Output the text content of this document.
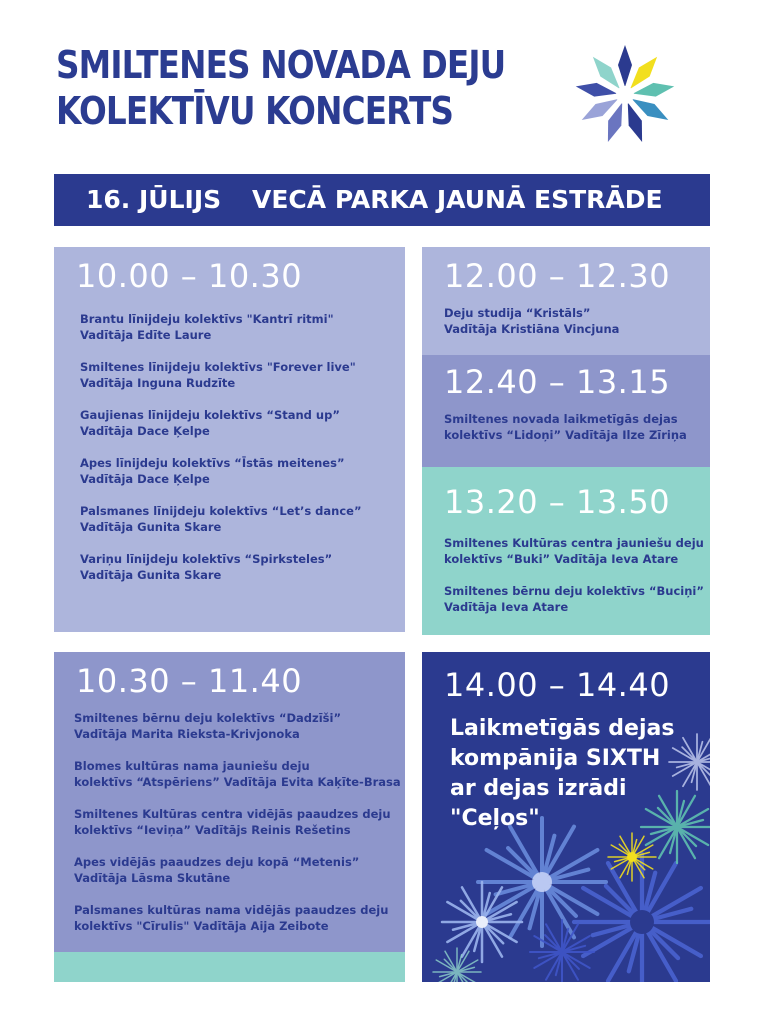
SMILTENES NOVADA DEJU
KOLEKTĪVU KONCERTS
16. JŪLIJS VECĀ PARKA JAUNĀ ESTRĀDE
10.00 – 10.30
Brantu līnijdeju kolektīvs "Kantrī ritmi"
Vadītāja Edīte Laure
Smiltenes līnijdeju kolektīvs "Forever live"
Vadītāja Inguna Rudzīte
Gaujienas līnijdeju kolektīvs “Stand up”
Vadītāja Dace Ķelpe
Apes līnijdeju kolektīvs “Īstās meitenes”
Vadītāja Dace Ķelpe
Palsmanes līnijdeju kolektīvs “Let’s dance”
Vadītāja Gunita Skare
Variņu līnijdeju kolektīvs “Spirksteles”
Vadītāja Gunita Skare
10.30 – 11.40
Smiltenes bērnu deju kolektīvs “Dadzīši”
Vadītāja Marita Rieksta-Krivjonoka
Blomes kultūras nama jauniešu deju
kolektīvs “Atspēriens” Vadītāja Evita Kaķīte-Brasa
Smiltenes Kultūras centra vidējās paaudzes deju
kolektīvs “Ieviņa” Vadītājs Reinis Rešetins
Apes vidējās paaudzes deju kopā “Metenis”
Vadītāja Lāsma Skutāne
Palsmanes kultūras nama vidējās paaudzes deju
kolektīvs "Cīrulis" Vadītāja Aija Zeibote
12.00 – 12.30
Deju studija “Kristāls”
Vadītāja Kristiāna Vincjuna
12.40 – 13.15
Smiltenes novada laikmetīgās dejas
kolektīvs “Lidoņi” Vadītāja Ilze Zīriņa
13.20 – 13.50
Smiltenes Kultūras centra jauniešu deju
kolektīvs “Buki” Vadītāja Ieva Atare
Smiltenes bērnu deju kolektīvs “Buciņi”
Vadītāja Ieva Atare
14.00 – 14.40
Laikmetīgās dejas
kompānija SIXTH
ar dejas izrādi
"Ceļos"
